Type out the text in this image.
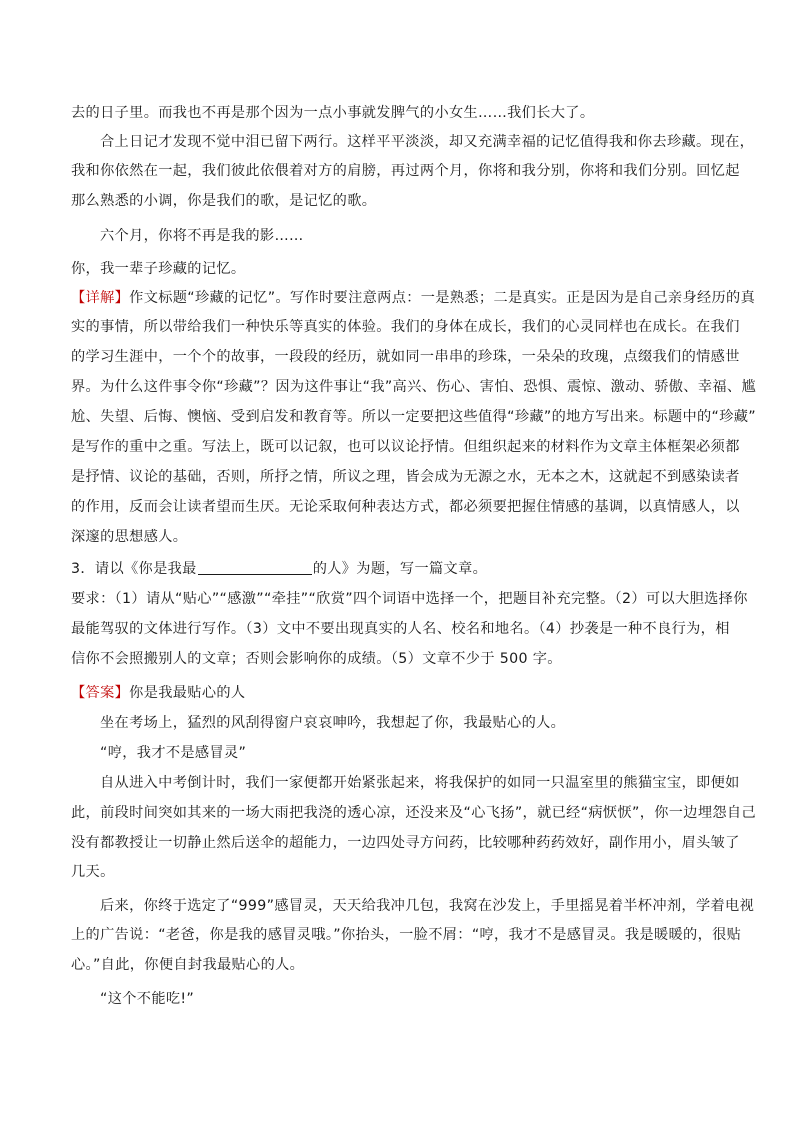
去的日子里。而我也不再是那个因为一点小事就发脾气的小女生……我们长大了。
合上日记才发现不觉中泪已留下两行。这样平平淡淡，却又充满幸福的记忆值得我和你去珍藏。现在，
我和你依然在一起，我们彼此依偎着对方的肩膀，再过两个月，你将和我分别，你将和我们分别。回忆起
那么熟悉的小调，你是我们的歌，是记忆的歌。
六个月，你将不再是我的影……
你，我一辈子珍藏的记忆。
【详解】作文标题“珍藏的记忆”。写作时要注意两点：一是熟悉；二是真实。正是因为是自己亲身经历的真
实的事情，所以带给我们一种快乐等真实的体验。我们的身体在成长，我们的心灵同样也在成长。在我们
的学习生涯中，一个个的故事，一段段的经历，就如同一串串的珍珠，一朵朵的玫瑰，点缀我们的情感世
界。为什么这件事令你“珍藏”？因为这件事让“我”高兴、伤心、害怕、恐惧、震惊、激动、骄傲、幸福、尴
尬、失望、后悔、懊恼、受到启发和教育等。所以一定要把这些值得“珍藏”的地方写出来。标题中的“珍藏”
是写作的重中之重。写法上，既可以记叙，也可以议论抒情。但组织起来的材料作为文章主体框架必须都
是抒情、议论的基础，否则，所抒之情，所议之理，皆会成为无源之水，无本之木，这就起不到感染读者
的作用，反而会让读者望而生厌。无论采取何种表达方式，都必须要把握住情感的基调，以真情感人，以
深邃的思想感人。
3．请以《你是我最	的人》为题，写一篇文章。
要求：（1）请从“贴心”“感激”“牵挂”“欣赏”四个词语中选择一个，把题目补充完整。（2）可以大胆选择你
最能驾驭的文体进行写作。（3）文中不要出现真实的人名、校名和地名。（4）抄袭是一种不良行为，相
信你不会照搬别人的文章；否则会影响你的成绩。（5）文章不少于 500 字。
【答案】你是我最贴心的人
坐在考场上，猛烈的风刮得窗户哀哀呻吟，我想起了你，我最贴心的人。
“哼，我才不是感冒灵”
自从进入中考倒计时，我们一家便都开始紧张起来，将我保护的如同一只温室里的熊猫宝宝，即便如
此，前段时间突如其来的一场大雨把我浇的透心凉，还没来及“心飞扬”，就已经“病恹恹”，你一边埋怨自己
没有都教授让一切静止然后送伞的超能力，一边四处寻方问药，比较哪种药药效好，副作用小，眉头皱了
几天。
后来，你终于选定了“999”感冒灵，天天给我冲几包，我窝在沙发上，手里摇晃着半杯冲剂，学着电视
上的广告说：“老爸，你是我的感冒灵哦。”你抬头，一脸不屑：“哼，我才不是感冒灵。我是暖暖的，很贴
心。”自此，你便自封我最贴心的人。
“这个不能吃!”
